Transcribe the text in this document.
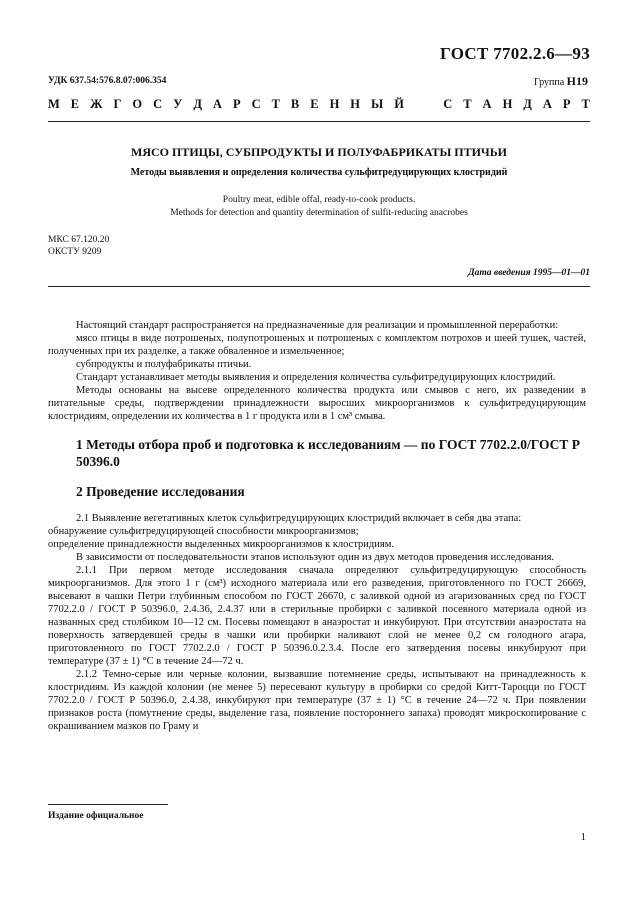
ГОСТ 7702.2.6—93
УДК 637.54:576.8.07:006.354	Группа Н19
М Е Ж Г О С У Д А Р С Т В Е Н Н Ы Й

	С Т А Н Д А Р Т
МЯСО ПТИЦЫ, СУБПРОДУКТЫ И ПОЛУФАБРИКАТЫ ПТИЧЬИ
Методы выявления и определения количества сульфитредуцирующих клостридий
Poultry meat, edible offal, ready-to-cook products.
Methods for detection and quantity determination of sulfit-reducing anacrobes
МКС 67.120.20
ОКСТУ 9209
Дата введения 1995—01—01

Настоящий стандарт распространяется на предназначенные для реализации и промышленной переработки:

мясо птицы в виде потрошеных, полупотрошеных и потрошеных с комплектом потрохов и шеей тушек, частей, полученных при их разделке, а также обваленное и измельченное;

субпродукты и полуфабрикаты птичьи.

Стандарт устанавливает методы выявления и определения количества сульфитредуцирующих клостридий.

Методы основаны на высеве определенного количества продукта или смывов с него, их разведении в питательные среды, подтверждении принадлежности выросших микроорганизмов к сульфитредуцирующим клостридиям, определении их количества в 1 г продукта или в 1 см³ смыва.

1 Методы отбора проб и подготовка к исследованиям — по ГОСТ 7702.2.0/ГОСТ Р 50396.0
2 Проведение исследования

2.1 Выявление вегетативных клеток сульфитредуцирующих клостридий включает в себя два этапа:

обнаружение сульфитредуцирующей способности микроорганизмов;

определение принадлежности выделенных микроорганизмов к клостридиям.

В зависимости от последовательности этапов используют один из двух методов проведения исследования.

2.1.1 При первом методе исследования сначала определяют сульфитредуцирующую способность микроорганизмов. Для этого 1 г (см³) исходного материала или его разведения, приготовленного по ГОСТ 26669, высевают в чашки Петри глубинным способом по ГОСТ 26670, с заливкой одной из агаризованных сред по ГОСТ 7702.2.0 / ГОСТ Р 50396.0, 2.4.36, 2.4.37 или в стерильные пробирки с заливкой посевного материала одной из названных сред столбиком 10—12 см. Посевы помещают в анаэростат и инкубируют. При отсутствии анаэростата на поверхность затвердевшей среды в чашки или пробирки наливают слой не менее 0,2 см голодного агара, приготовленного по ГОСТ 7702.2.0 / ГОСТ Р 50396.0.2.3.4. После его затвердения посевы инкубируют при температуре (37 ± 1) °С в течение 24—72 ч.

2.1.2 Темно-серые или черные колонии, вызвавшие потемнение среды, испытывают на принадлежность к клостридиям. Из каждой колонии (не менее 5) пересевают культуру в пробирки со средой Китт-Тароцци по ГОСТ 7702.2.0 / ГОСТ Р 50396.0, 2.4.38, инкубируют при температуре (37 ± 1) °С в течение 24—72 ч. При появлении признаков роста (помутнение среды, выделение газа, появление постороннего запаха) проводят микроскопирование с окрашиванием мазков по Граму и

Издание официальное
1
